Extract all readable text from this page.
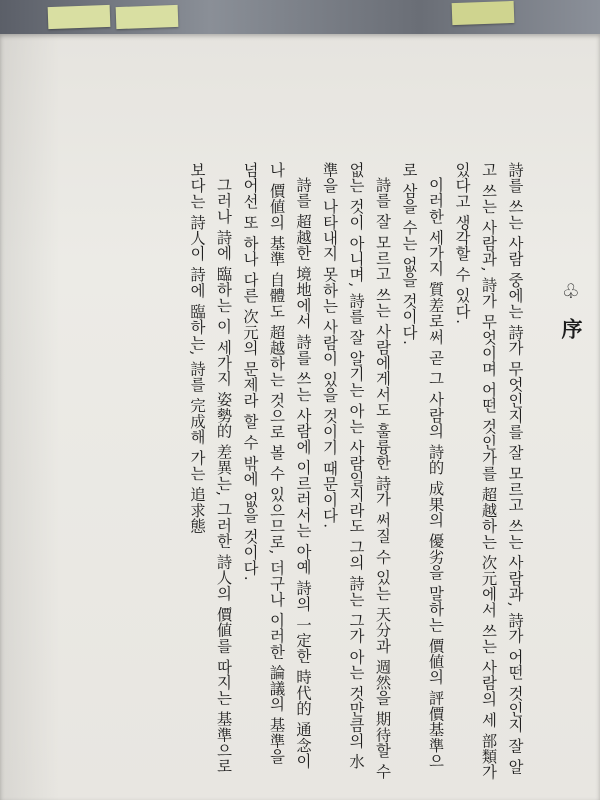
♧
序

詩를 쓰는 사람 중에는 詩가 무엇인지를 잘 모르고 쓰는 사람과, 詩가 어떤 것인지 잘 알고 쓰는 사람과, 詩가 무엇이며 어떤 것인가를 超越하는 次元에서 쓰는 사람의 세 部類가 있다고 생각할 수 있다.

이러한 세가지 質差로써 곧 그 사람의 詩的 成果의 優劣을 말하는 價値의 評價基準으로 삼을 수는 없을 것이다.

詩를 잘 모르고 쓰는 사람에게서도 훌륭한 詩가 써질 수 있는 天分과 週然을 期待할 수 없는 것이 아니며, 詩를 잘 알기는 아는 사람일지라도 그의 詩는 그가 아는 것만큼의 水準을 나타내지 못하는 사람이 있을 것이기 때문이다.

詩를 超越한 境地에서 詩를 쓰는 사람에 이르러서는 아예 詩의 一定한 時代的 通念이나 價値의 基準 自體도 超越하는 것으로 볼 수 있으므로, 더구나 이러한 論議의 基準을 넘어선 또 하나 다른 次元의 문제라 할 수 밖에 없을 것이다.

그러나 詩에 臨하는 이 세가지 姿勢的 差異는, 그러한 詩人의 價値를 따지는 基準으로보다는 詩人이 詩에 臨하는, 詩를 完成해 가는 追求態
